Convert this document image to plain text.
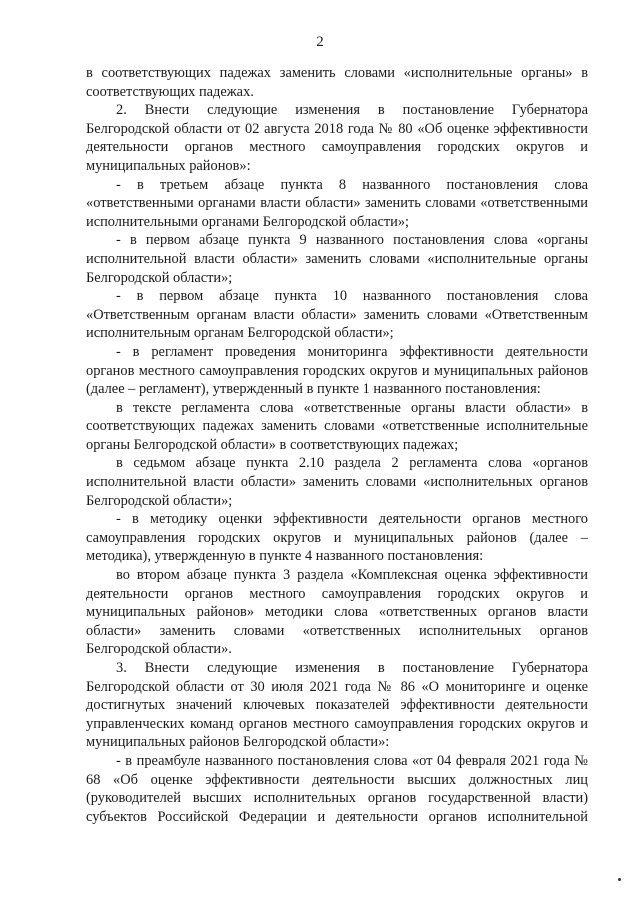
2

в соответствующих падежах заменить словами «исполнительные органы» в соответствующих падежах.

2. Внести следующие изменения в постановление Губернатора Белгородской области от 02 августа 2018 года № 80 «Об оценке эффективности деятельности органов местного самоуправления городских округов и муниципальных районов»:

- в третьем абзаце пункта 8 названного постановления слова «ответственными органами власти области» заменить словами «ответственными исполнительными органами Белгородской области»;

- в первом абзаце пункта 9 названного постановления слова «органы исполнительной власти области» заменить словами «исполнительные органы Белгородской области»;

- в первом абзаце пункта 10 названного постановления слова «Ответственным органам власти области» заменить словами «Ответственным исполнительным органам Белгородской области»;

- в регламент проведения мониторинга эффективности деятельности органов местного самоуправления городских округов и муниципальных районов (далее – регламент), утвержденный в пункте 1 названного постановления:

в тексте регламента слова «ответственные органы власти области» в соответствующих падежах заменить словами «ответственные исполнительные органы Белгородской области» в соответствующих падежах;

в седьмом абзаце пункта 2.10 раздела 2 регламента слова «органов исполнительной власти области» заменить словами «исполнительных органов Белгородской области»;

- в методику оценки эффективности деятельности органов местного самоуправления городских округов и муниципальных районов (далее – методика), утвержденную в пункте 4 названного постановления:

во втором абзаце пункта 3 раздела «Комплексная оценка эффективности деятельности органов местного самоуправления городских округов и муниципальных районов» методики слова «ответственных органов власти области» заменить словами «ответственных исполнительных органов Белгородской области».

3. Внести следующие изменения в постановление Губернатора Белгородской области от 30 июля 2021 года № 86 «О мониторинге и оценке достигнутых значений ключевых показателей эффективности деятельности управленческих команд органов местного самоуправления городских округов и муниципальных районов Белгородской области»:

- в преамбуле названного постановления слова «от 04 февраля 2021 года № 68 «Об оценке эффективности деятельности высших должностных лиц (руководителей высших исполнительных органов государственной власти) субъектов Российской Федерации и деятельности органов исполнительной
